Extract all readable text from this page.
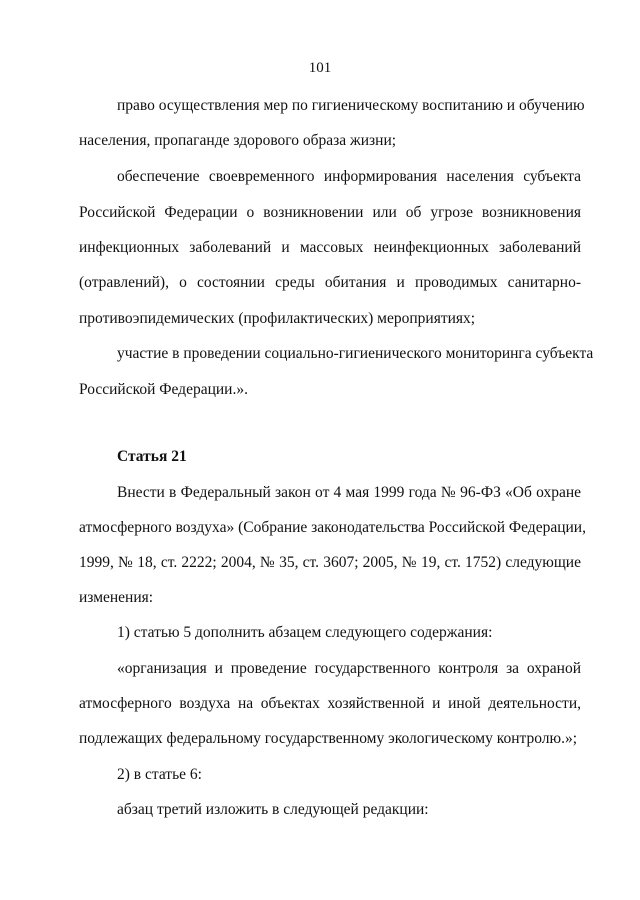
101
право осуществления мер по гигиеническому воспитанию и обучению
населения, пропаганде здорового образа жизни;
обеспечение своевременного информирования населения субъекта
Российской Федерации о возникновении или об угрозе возникновения
инфекционных заболеваний и массовых неинфекционных заболеваний
(отравлений), о состоянии среды обитания и проводимых санитарно-
противоэпидемических (профилактических) мероприятиях;
участие в проведении социально-гигиенического мониторинга субъекта
Российской Федерации.».
Статья 21
Внести в Федеральный закон от 4 мая 1999 года № 96-ФЗ «Об охране
атмосферного воздуха» (Собрание законодательства Российской Федерации,
1999, № 18, ст. 2222; 2004, № 35, ст. 3607; 2005, № 19, ст. 1752) следующие
изменения:
1) статью 5 дополнить абзацем следующего содержания:
«организация и проведение государственного контроля за охраной
атмосферного воздуха на объектах хозяйственной и иной деятельности,
подлежащих федеральному государственному экологическому контролю.»;
2) в статье 6:
абзац третий изложить в следующей редакции:
